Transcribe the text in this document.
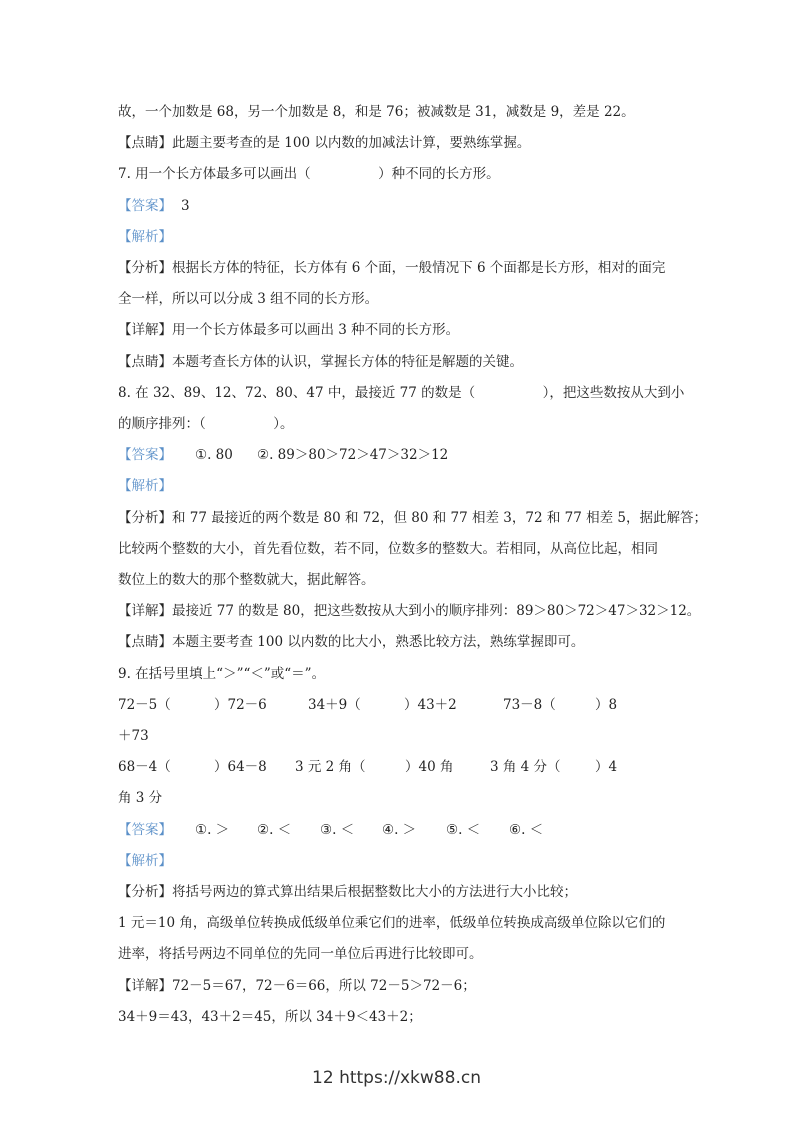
故，一个加数是 68，另一个加数是 8，和是 76；被减数是 31，减数是 9，差是 22。
【点睛】此题主要考查的是 100 以内数的加减法计算，要熟练掌握。
7. 用一个长方体最多可以画出（　　　　　）种不同的长方形。
【答案】 3
【解析】
【分析】根据长方体的特征，长方体有 6 个面，一般情况下 6 个面都是长方形，相对的面完
全一样，所以可以分成 3 组不同的长方形。
【详解】用一个长方体最多可以画出 3 种不同的长方形。
【点睛】本题考查长方体的认识，掌握长方体的特征是解题的关键。
8. 在 32、89、12、72、80、47 中，最接近 77 的数是（　　　　　），把这些数按从大到小
的顺序排列：（　　　　　）。
【答案】 ①. 80 ②. 89＞80＞72＞47＞32＞12
【解析】
【分析】和 77 最接近的两个数是 80 和 72，但 80 和 77 相差 3，72 和 77 相差 5，据此解答；
比较两个整数的大小，首先看位数，若不同，位数多的整数大。若相同，从高位比起，相同
数位上的数大的那个整数就大，据此解答。
【详解】最接近 77 的数是 80，把这些数按从大到小的顺序排列：89＞80＞72＞47＞32＞12。
【点睛】本题主要考查 100 以内数的比大小，熟悉比较方法，熟练掌握即可。
9. 在括号里填上“＞”“＜”或“＝”。
72－5（	）72－6	34＋9（	）43＋2	73－8（	）8
＋73
68－4（	）64－8 3 元 2 角（	）40 角	3 角 4 分（	）4
角 3 分
【答案】 ①. ＞ ②. ＜ ③. ＜ ④. ＞ ⑤. ＜ ⑥. ＜
【解析】
【分析】将括号两边的算式算出结果后根据整数比大小的方法进行大小比较；
1 元＝10 角，高级单位转换成低级单位乘它们的进率，低级单位转换成高级单位除以它们的
进率，将括号两边不同单位的先同一单位后再进行比较即可。
【详解】72－5＝67，72－6＝66，所以 72－5＞72－6；
34＋9＝43，43＋2＝45，所以 34＋9＜43＋2；
12 https://xkw88.cn
